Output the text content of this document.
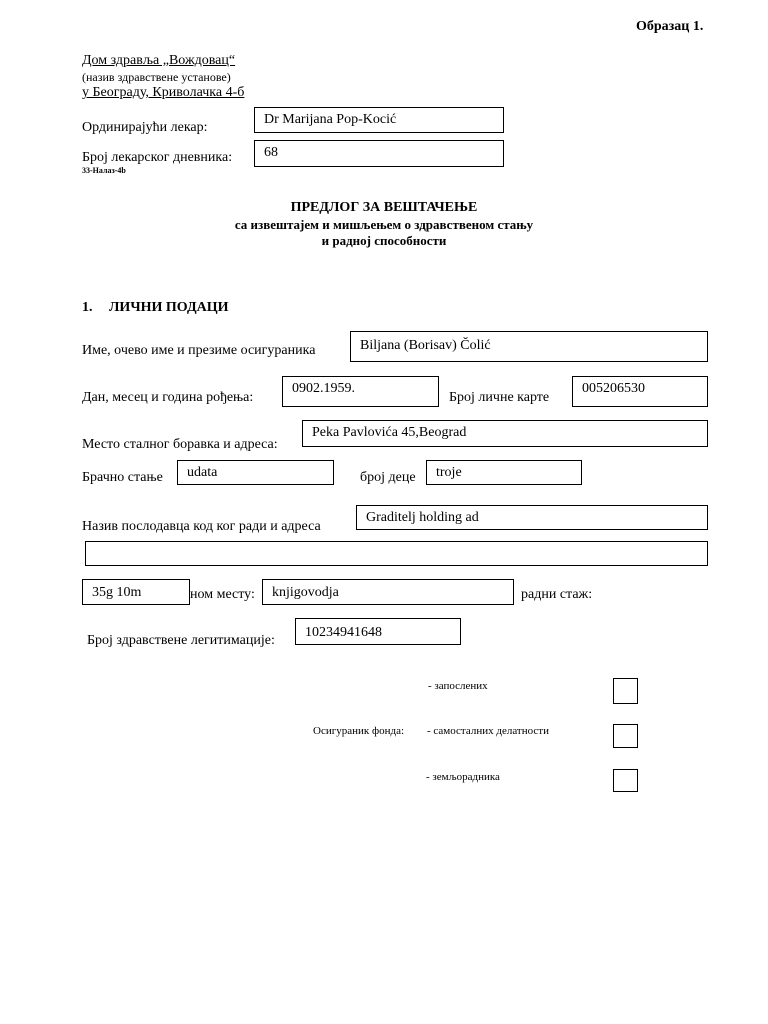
Образац 1.
Дом здравља „Вождовац“
(назив здравствене установе)
у Београду, Криволачка 4-б
Ординирајући лекар:
Dr Marijana Pop-Kocić
Број лекарског дневника:	68
33-Налаз-4b
ПРЕДЛОГ ЗА ВЕШТАЧЕЊЕ
са извештајем и мишљењем о здравственом стању
и радној способности
1. ЛИЧНИ ПОДАЦИ
Име, очево име и презиме осигураника	Biljana (Borisav) Čolić
Дан, месец и година рођења:
0902.1959.
Број личне карте
005206530
Место сталног боравка и адреса:
Peka Pavlovića 45,Beograd
Брачно стање	udata	број деце	troje
Назив послодавца код ког ради и адреса
Graditelj holding ad
35g 10m	ном месту:	knjigovodja	радни стаж:
Број здравствене легитимације:
10234941648
- запослених
Осигураник фонда: - самосталних делатности
- земљорадника
